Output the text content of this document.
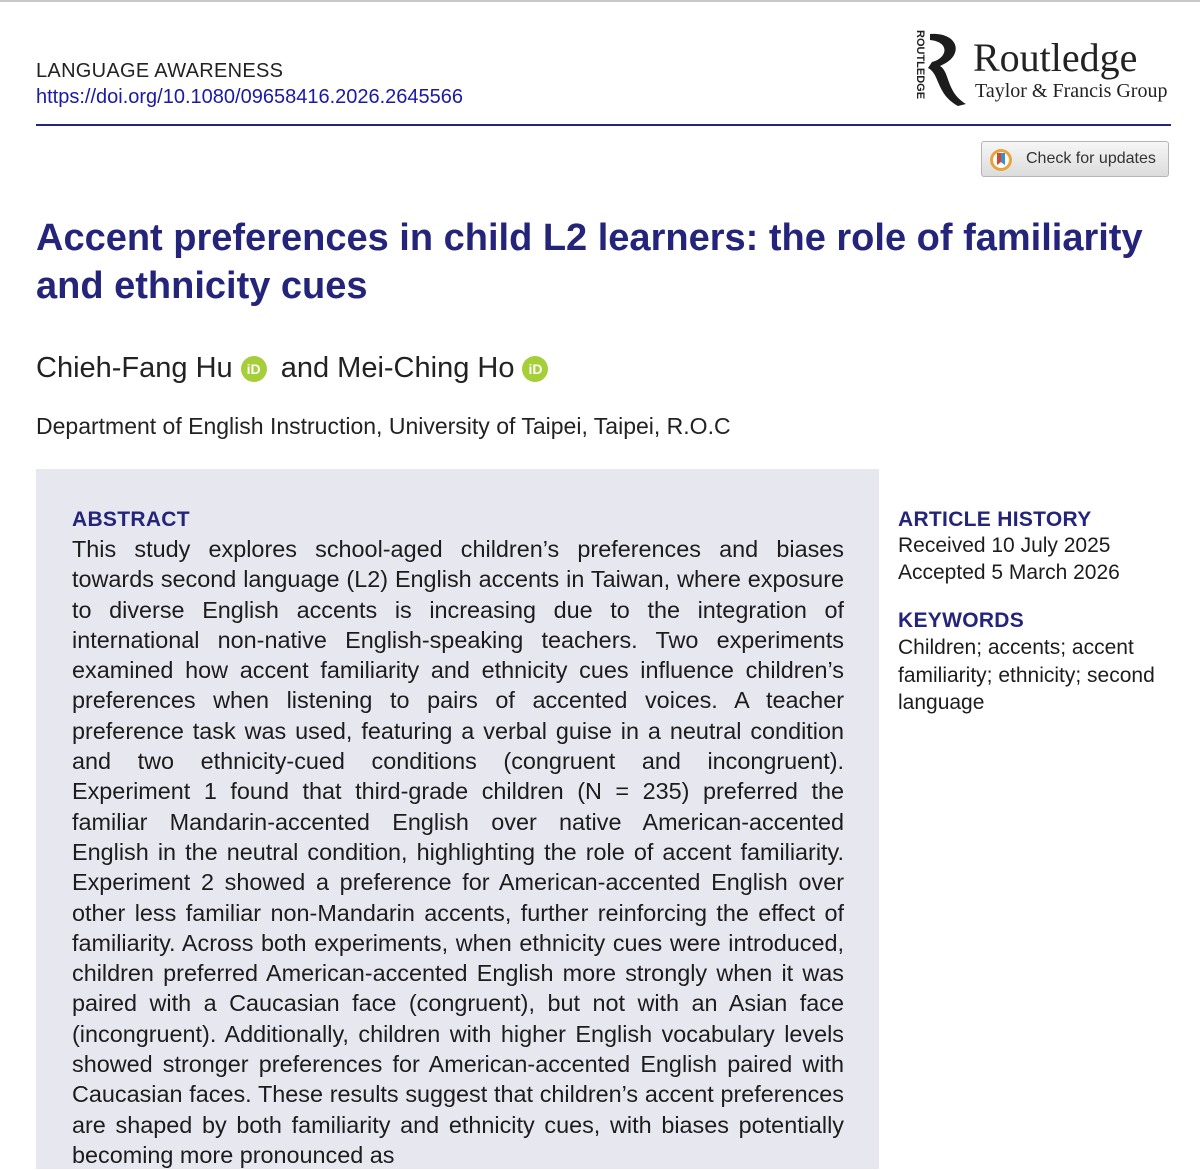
LANGUAGE AWARENESS
https://doi.org/10.1080/09658416.2026.2645566	ROUTLEDGE Routledge
Taylor & Francis Group
Check for updates
Accent preferences in child L2 learners: the role of familiarity and ethnicity cues
Chieh-Fang Hu iD and Mei-Ching Ho iD
Department of English Instruction, University of Taipei, Taipei, R.O.C
ABSTRACT

This study explores school-aged children’s preferences and biases towards second language (L2) English accents in Taiwan, where exposure to diverse English accents is increasing due to the integration of international non-native English-speaking teachers. Two experiments examined how accent familiarity and ethnicity cues influence children’s preferences when listening to pairs of accented voices. A teacher preference task was used, featuring a verbal guise in a neutral condition and two ethnicity-cued conditions (congruent and incongruent). Experiment 1 found that third-grade children (N = 235) preferred the familiar Mandarin-accented English over native American-accented English in the neutral condition, highlighting the role of accent familiarity. Experiment 2 showed a preference for American-accented English over other less familiar non-Mandarin accents, further reinforcing the effect of familiarity. Across both experiments, when ethnicity cues were introduced, children preferred American-accented English more strongly when it was paired with a Caucasian face (congruent), but not with an Asian face (incongruent). Additionally, children with higher English vocabulary levels showed stronger preferences for American-accented English paired with Caucasian faces. These results suggest that children’s accent preferences are shaped by both familiarity and ethnicity cues, with biases potentially becoming more pronounced as

ARTICLE HISTORY
Received 10 July 2025
Accepted 5 March 2026
KEYWORDS

Children; accents; accent familiarity; ethnicity; second language
